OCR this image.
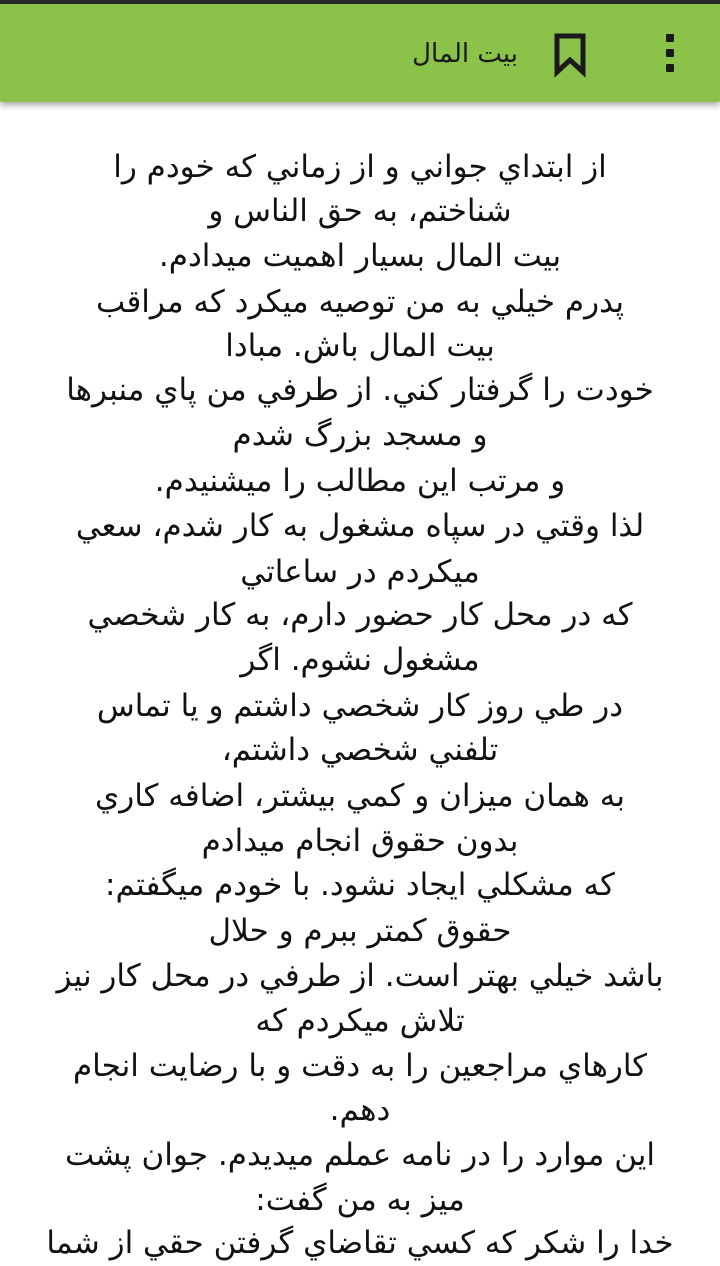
بيت المال
از ابتداي جواني و از زماني كه خودم را
شناختم، به حق الناس و
بيت المال بسيار اهميت ميدادم.
پدرم خيلي به من توصيه ميكرد كه مراقب
بيت المال باش. مبادا
خودت را گرفتار كني. از طرفي من پاي منبرها
و مسجد بزرگ شدم
و مرتب اين مطالب را ميشنيدم.
لذا وقتي در سپاه مشغول به كار شدم، سعي
ميكردم در ساعاتي
كه در محل كار حضور دارم، به كار شخصي
مشغول نشوم. اگر
در طي روز كار شخصي داشتم و يا تماس
تلفني شخصي داشتم،
به همان ميزان و كمي بيشتر، اضافه كاري
بدون حقوق انجام ميدادم
كه مشكلي ايجاد نشود. با خودم ميگفتم:
حقوق كمتر ببرم و حلال
باشد خيلي بهتر است. از طرفي در محل كار نيز
تلاش ميكردم كه
كارهاي مراجعين را به دقت و با رضايت انجام
دهم.
اين موارد را در نامه عملم ميديدم. جوان پشت
ميز به من گفت:
خدا را شكر كه كسي تقاضاي گرفتن حقي از شما
